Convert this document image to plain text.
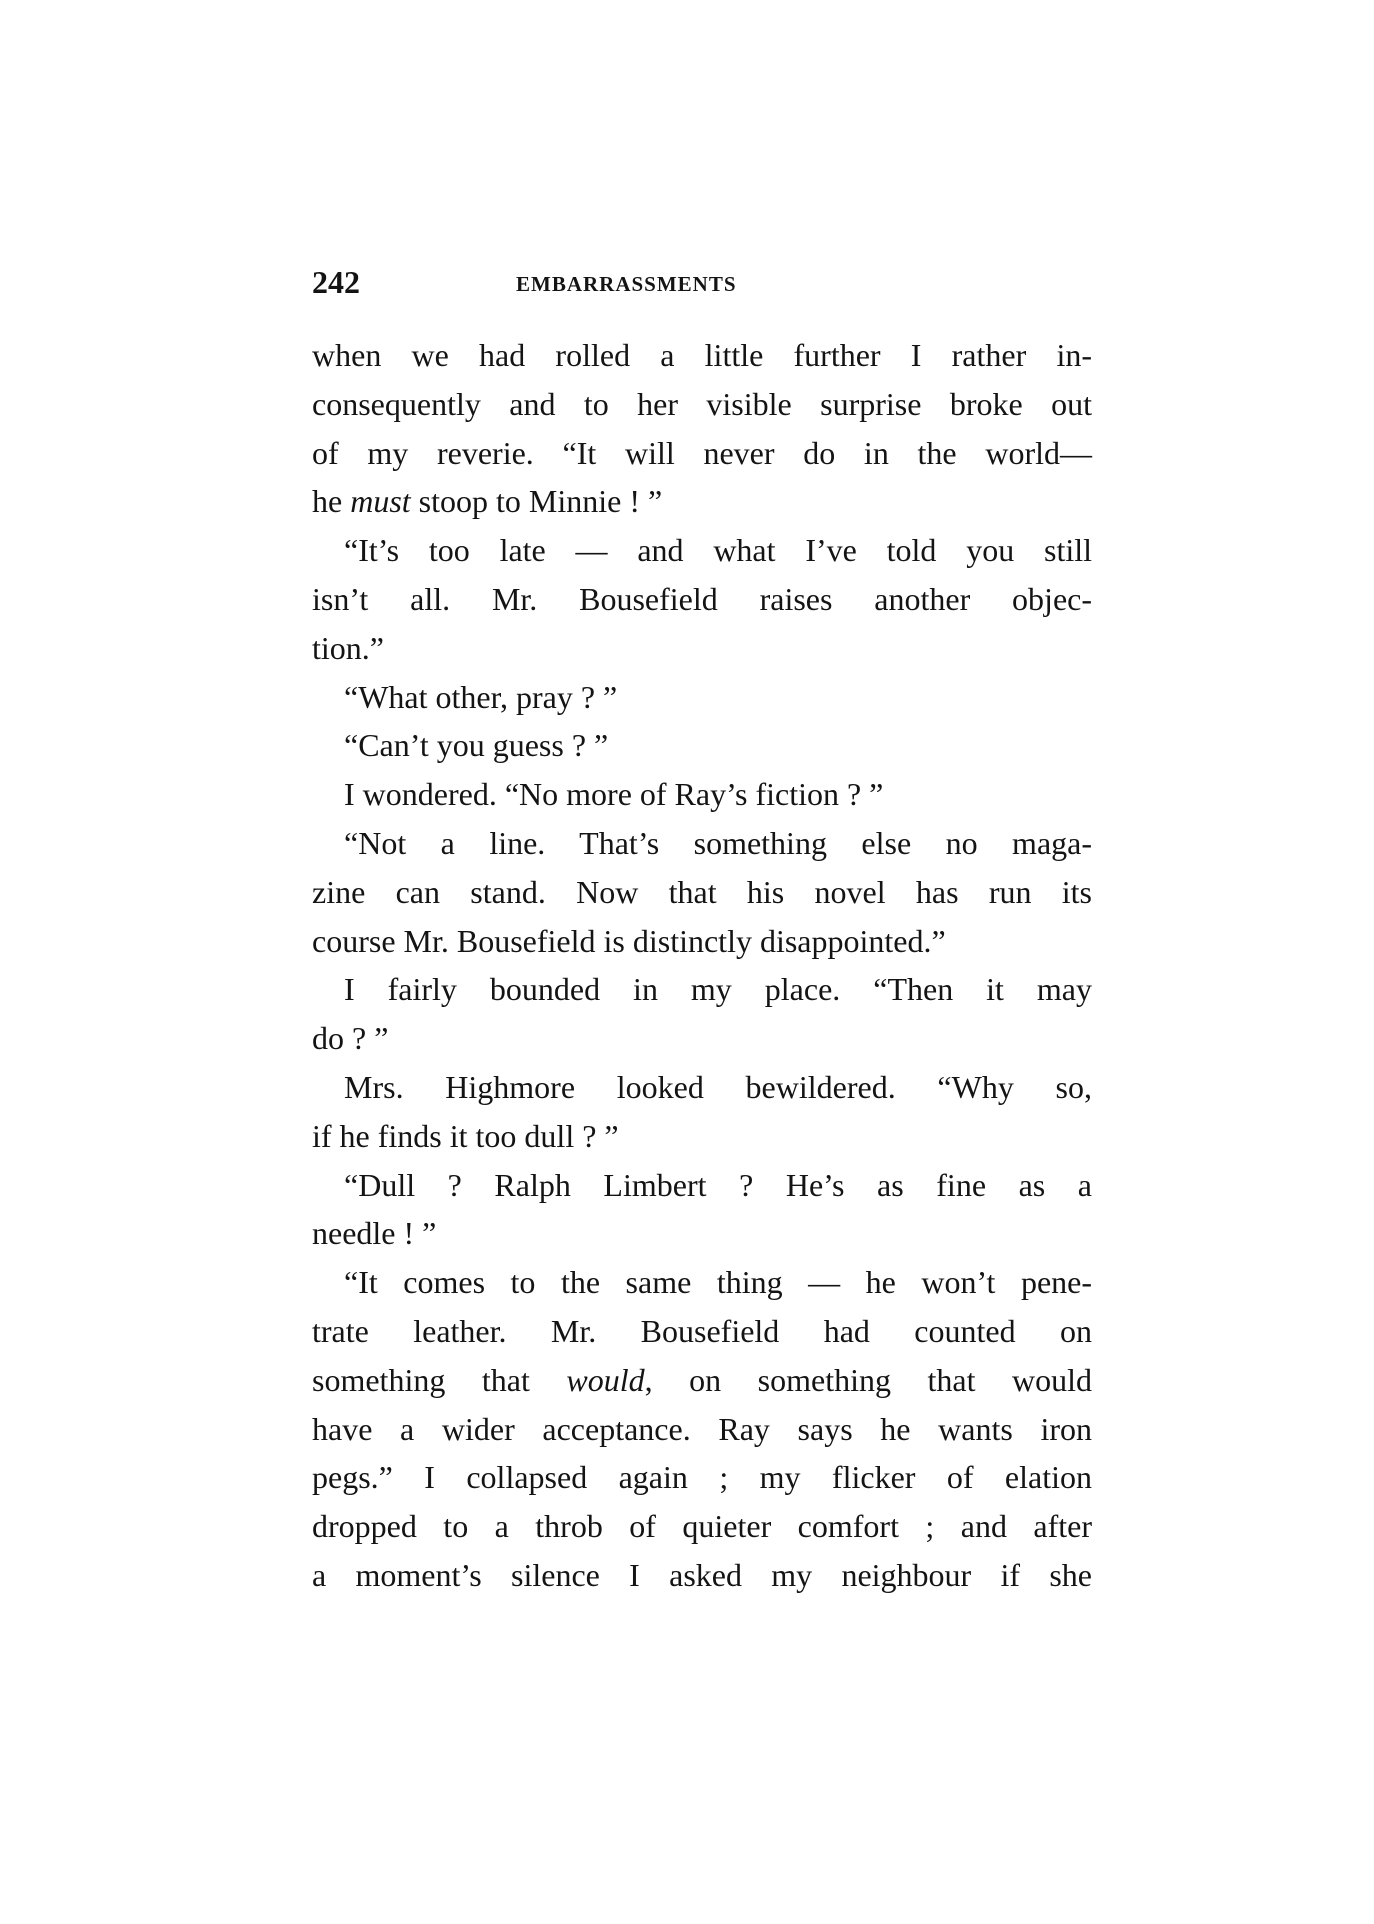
242	EMBARRASSMENTS
when we had rolled a little further I rather in-
consequently and to her visible surprise broke out
of my reverie. “It will never do in the world—
he must stoop to Minnie ! ”
“It’s too late — and what I’ve told you still
isn’t all. Mr. Bousefield raises another objec-
tion.”
“What other, pray ? ”
“Can’t you guess ? ”
I wondered. “No more of Ray’s fiction ? ”
“Not a line. That’s something else no maga-
zine can stand. Now that his novel has run its
course Mr. Bousefield is distinctly disappointed.”
I fairly bounded in my place. “Then it may
do ? ”
Mrs. Highmore looked bewildered. “Why so,
if he finds it too dull ? ”
“Dull ? Ralph Limbert ? He’s as fine as a
needle ! ”
“It comes to the same thing — he won’t pene-
trate leather. Mr. Bousefield had counted on
something that would, on something that would
have a wider acceptance. Ray says he wants iron
pegs.” I collapsed again ; my flicker of elation
dropped to a throb of quieter comfort ; and after
a moment’s silence I asked my neighbour if she
